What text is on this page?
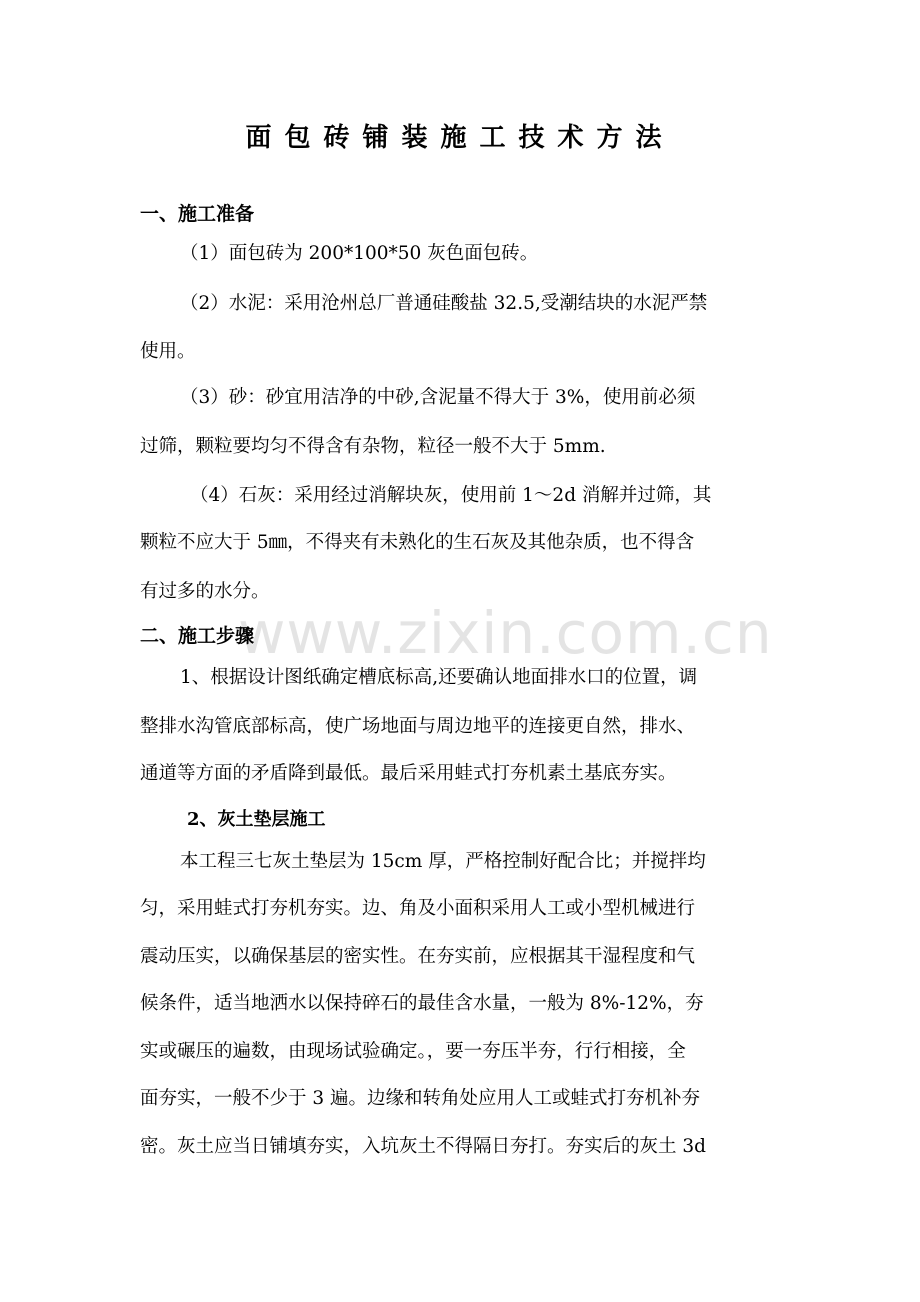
www.zixin.com.cn
面包砖铺装施工技术方法
一、施工准备
（1）面包砖为 200*100*50 灰色面包砖。
（2）水泥：采用沧州总厂普通硅酸盐 32.5,受潮结块的水泥严禁
使用。
（3）砂：砂宜用洁净的中砂,含泥量不得大于 3%，使用前必须
过筛，颗粒要均匀不得含有杂物，粒径一般不大于 5mm.
（4）石灰：采用经过消解块灰，使用前 1～2d 消解并过筛，其
颗粒不应大于 5㎜，不得夹有未熟化的生石灰及其他杂质，也不得含
有过多的水分。
二、施工步骤
1、根据设计图纸确定槽底标高,还要确认地面排水口的位置，调
整排水沟管底部标高，使广场地面与周边地平的连接更自然，排水、
通道等方面的矛盾降到最低。最后采用蛙式打夯机素土基底夯实。
2、灰土垫层施工
本工程三七灰土垫层为 15cm 厚，严格控制好配合比；并搅拌均
匀，采用蛙式打夯机夯实。边、角及小面积采用人工或小型机械进行
震动压实，以确保基层的密实性。在夯实前，应根据其干湿程度和气
候条件，适当地洒水以保持碎石的最佳含水量，一般为 8%-12%，夯
实或碾压的遍数，由现场试验确定。，要一夯压半夯，行行相接，全
面夯实，一般不少于 3 遍。边缘和转角处应用人工或蛙式打夯机补夯
密。灰土应当日铺填夯实，入坑灰土不得隔日夯打。夯实后的灰土 3d
